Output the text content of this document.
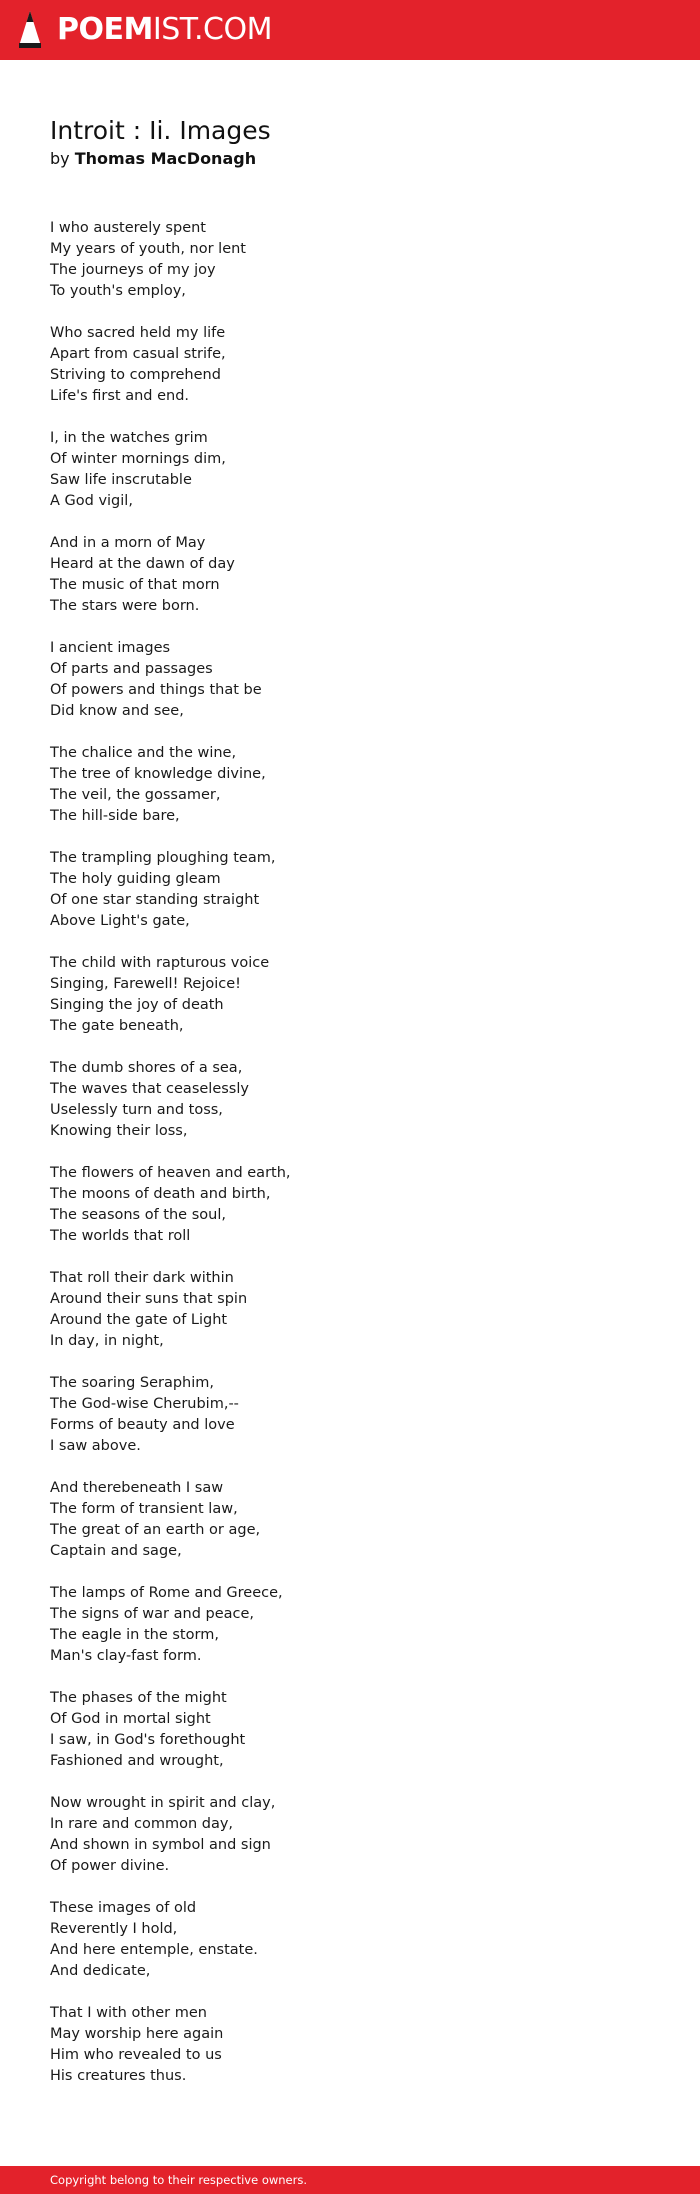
POEMIST.COM
Introit : Ii. Images
by Thomas MacDonagh
I who austerely spent
My years of youth, nor lent
The journeys of my joy
To youth's employ,
Who sacred held my life
Apart from casual strife,
Striving to comprehend
Life's first and end.
I, in the watches grim
Of winter mornings dim,
Saw life inscrutable
A God vigil,
And in a morn of May
Heard at the dawn of day
The music of that morn
The stars were born.
I ancient images
Of parts and passages
Of powers and things that be
Did know and see,
The chalice and the wine,
The tree of knowledge divine,
The veil, the gossamer,
The hill-side bare,
The trampling ploughing team,
The holy guiding gleam
Of one star standing straight
Above Light's gate,
The child with rapturous voice
Singing, Farewell! Rejoice!
Singing the joy of death
The gate beneath,
The dumb shores of a sea,
The waves that ceaselessly
Uselessly turn and toss,
Knowing their loss,
The flowers of heaven and earth,
The moons of death and birth,
The seasons of the soul,
The worlds that roll
That roll their dark within
Around their suns that spin
Around the gate of Light
In day, in night,
The soaring Seraphim,
The God-wise Cherubim,--
Forms of beauty and love
I saw above.
And therebeneath I saw
The form of transient law,
The great of an earth or age,
Captain and sage,
The lamps of Rome and Greece,
The signs of war and peace,
The eagle in the storm,
Man's clay-fast form.
The phases of the might
Of God in mortal sight
I saw, in God's forethought
Fashioned and wrought,
Now wrought in spirit and clay,
In rare and common day,
And shown in symbol and sign
Of power divine.
These images of old
Reverently I hold,
And here entemple, enstate.
And dedicate,
That I with other men
May worship here again
Him who revealed to us
His creatures thus.
Copyright belong to their respective owners.
